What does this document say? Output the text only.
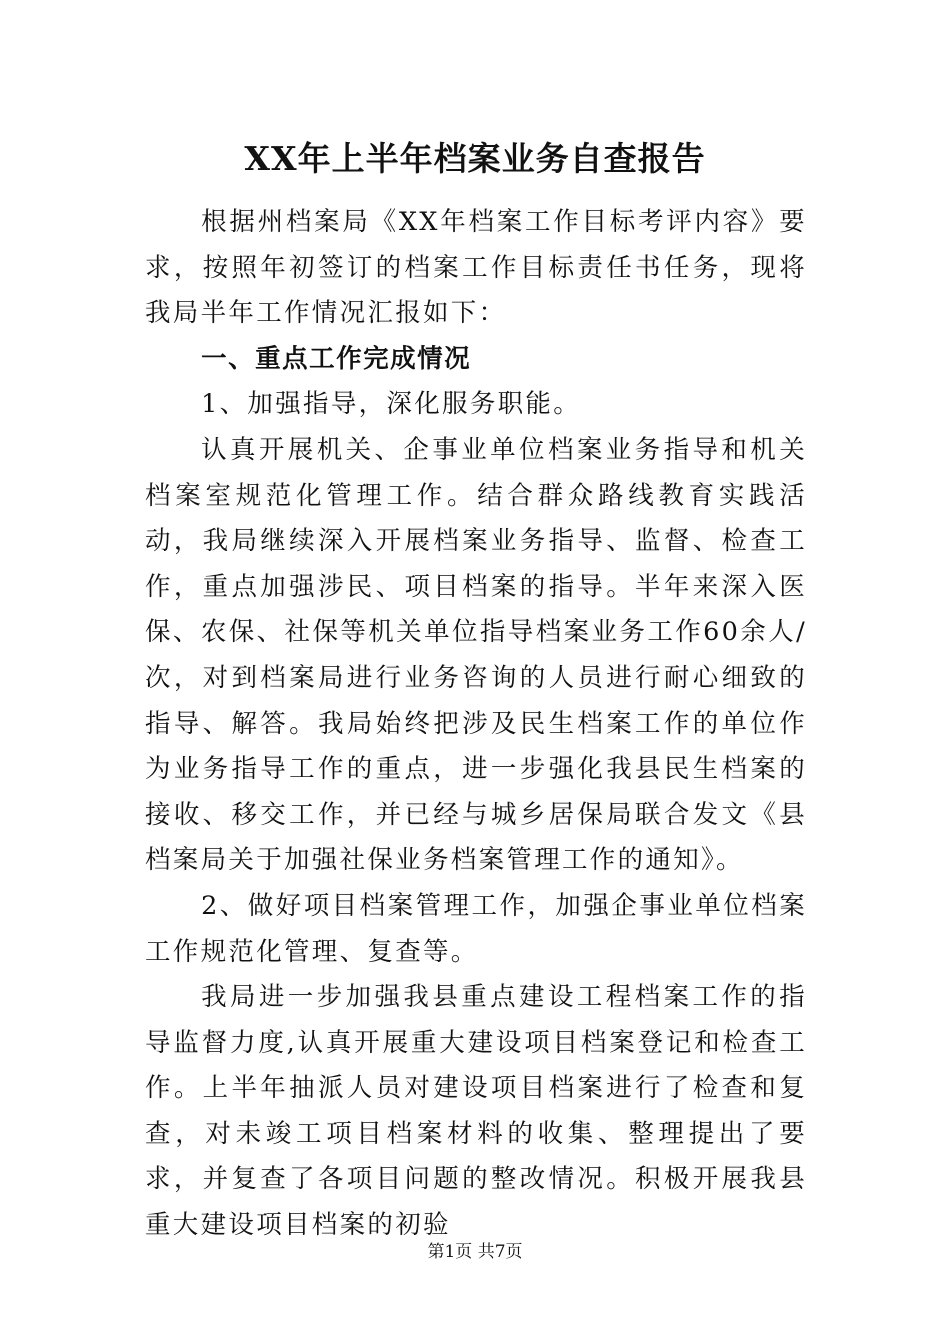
XX年上半年档案业务自查报告

根据州档案局《XX年档案工作目标考评内容》要求，按照年初签订的档案工作目标责任书任务，现将我局半年工作情况汇报如下：

一、重点工作完成情况

1、加强指导，深化服务职能。

认真开展机关、企事业单位档案业务指导和机关档案室规范化管理工作。结合群众路线教育实践活动，我局继续深入开展档案业务指导、监督、检查工作，重点加强涉民、项目档案的指导。半年来深入医保、农保、社保等机关单位指导档案业务工作60余人/次，对到档案局进行业务咨询的人员进行耐心细致的指导、解答。我局始终把涉及民生档案工作的单位作为业务指导工作的重点，进一步强化我县民生档案的接收、移交工作，并已经与城乡居保局联合发文《县档案局关于加强社保业务档案管理工作的通知》。

2、做好项目档案管理工作，加强企事业单位档案工作规范化管理、复查等。

我局进一步加强我县重点建设工程档案工作的指导监督力度,认真开展重大建设项目档案登记和检查工作。上半年抽派人员对建设项目档案进行了检查和复查，对未竣工项目档案材料的收集、整理提出了要求，并复查了各项目问题的整改情况。积极开展我县重大建设项目档案的初验

第1页 共7页
